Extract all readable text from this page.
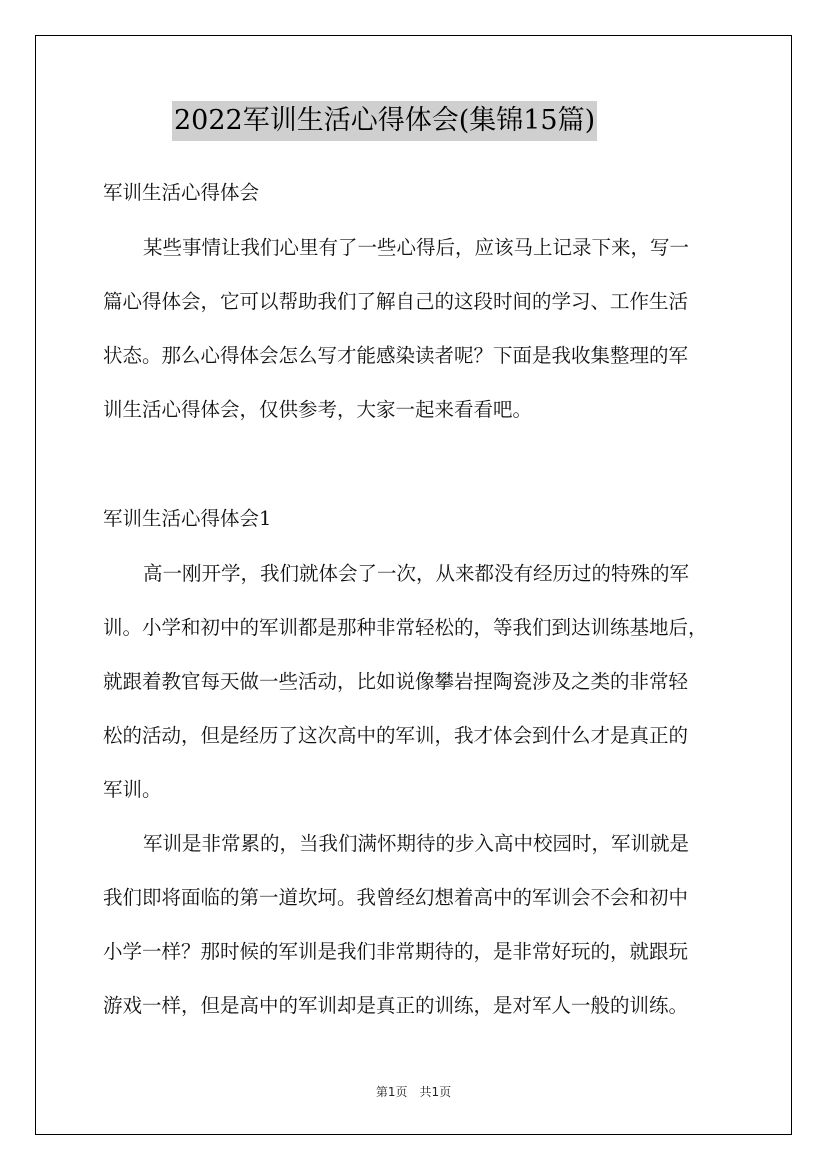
2022军训生活心得体会(集锦15篇)
军训生活心得体会
某些事情让我们心里有了一些心得后，应该马上记录下来，写一
篇心得体会，它可以帮助我们了解自己的这段时间的学习、工作生活
状态。那么心得体会怎么写才能感染读者呢？下面是我收集整理的军
训生活心得体会，仅供参考，大家一起来看看吧。
军训生活心得体会1
高一刚开学，我们就体会了一次，从来都没有经历过的特殊的军
训。小学和初中的军训都是那种非常轻松的，等我们到达训练基地后，
就跟着教官每天做一些活动，比如说像攀岩捏陶瓷涉及之类的非常轻
松的活动，但是经历了这次高中的军训，我才体会到什么才是真正的
军训。
军训是非常累的，当我们满怀期待的步入高中校园时，军训就是
我们即将面临的第一道坎坷。我曾经幻想着高中的军训会不会和初中
小学一样？那时候的军训是我们非常期待的，是非常好玩的，就跟玩
游戏一样，但是高中的军训却是真正的训练，是对军人一般的训练。
第1页　共1页
